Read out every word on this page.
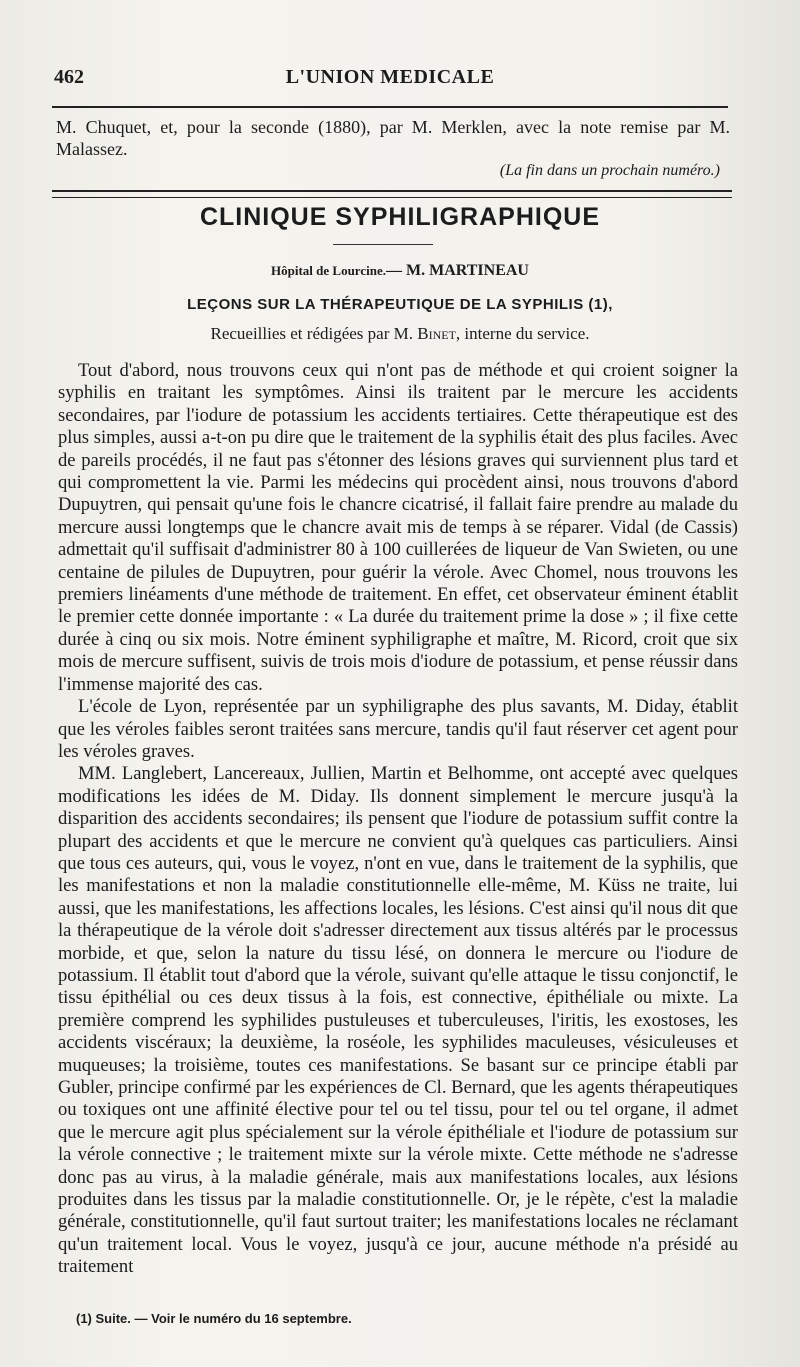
462	L'UNION MEDICALE

M. Chuquet, et, pour la seconde (1880), par M. Merklen, avec la note remise par M. Malassez.

(La fin dans un prochain numéro.)
CLINIQUE SYPHILIGRAPHIQUE
Hôpital de Lourcine.— M. MARTINEAU
LEÇONS SUR LA THÉRAPEUTIQUE DE LA SYPHILIS (1),
Recueillies et rédigées par M. Binet, interne du service.

Tout d'abord, nous trouvons ceux qui n'ont pas de méthode et qui croient soigner la syphilis en traitant les symptômes. Ainsi ils traitent par le mercure les accidents secondaires, par l'iodure de potassium les accidents tertiaires. Cette thérapeutique est des plus simples, aussi a-t-on pu dire que le traitement de la syphilis était des plus faciles. Avec de pareils procédés, il ne faut pas s'étonner des lésions graves qui surviennent plus tard et qui compromettent la vie. Parmi les médecins qui procèdent ainsi, nous trouvons d'abord Dupuytren, qui pensait qu'une fois le chancre cicatrisé, il fallait faire prendre au malade du mercure aussi longtemps que le chancre avait mis de temps à se réparer. Vidal (de Cassis) admettait qu'il suffisait d'administrer 80 à 100 cuillerées de liqueur de Van Swieten, ou une centaine de pilules de Dupuytren, pour guérir la vérole. Avec Chomel, nous trouvons les premiers linéaments d'une méthode de traitement. En effet, cet observateur éminent établit le premier cette donnée importante : « La durée du traitement prime la dose » ; il fixe cette durée à cinq ou six mois. Notre éminent syphiligraphe et maître, M. Ricord, croit que six mois de mercure suffisent, suivis de trois mois d'iodure de potassium, et pense réussir dans l'immense majorité des cas.

L'école de Lyon, représentée par un syphiligraphe des plus savants, M. Diday, établit que les véroles faibles seront traitées sans mercure, tandis qu'il faut réserver cet agent pour les véroles graves.

MM. Langlebert, Lancereaux, Jullien, Martin et Belhomme, ont accepté avec quelques modifications les idées de M. Diday. Ils donnent simplement le mercure jusqu'à la disparition des accidents secondaires; ils pensent que l'iodure de potassium suffit contre la plupart des accidents et que le mercure ne convient qu'à quelques cas particuliers. Ainsi que tous ces auteurs, qui, vous le voyez, n'ont en vue, dans le traitement de la syphilis, que les manifestations et non la maladie constitutionnelle elle-même, M. Küss ne traite, lui aussi, que les manifestations, les affections locales, les lésions. C'est ainsi qu'il nous dit que la thérapeutique de la vérole doit s'adresser directement aux tissus altérés par le processus morbide, et que, selon la nature du tissu lésé, on donnera le mercure ou l'iodure de potassium. Il établit tout d'abord que la vérole, suivant qu'elle attaque le tissu conjonctif, le tissu épithélial ou ces deux tissus à la fois, est connective, épithéliale ou mixte. La première comprend les syphilides pustuleuses et tuberculeuses, l'iritis, les exostoses, les accidents viscéraux; la deuxième, la roséole, les syphilides maculeuses, vésiculeuses et muqueuses; la troisième, toutes ces manifestations. Se basant sur ce principe établi par Gubler, principe confirmé par les expériences de Cl. Bernard, que les agents thérapeutiques ou toxiques ont une affinité élective pour tel ou tel tissu, pour tel ou tel organe, il admet que le mercure agit plus spécialement sur la vérole épithéliale et l'iodure de potassium sur la vérole connective ; le traitement mixte sur la vérole mixte. Cette méthode ne s'adresse donc pas au virus, à la maladie générale, mais aux manifestations locales, aux lésions produites dans les tissus par la maladie constitutionnelle. Or, je le répète, c'est la maladie générale, constitutionnelle, qu'il faut surtout traiter; les manifestations locales ne réclamant qu'un traitement local. Vous le voyez, jusqu'à ce jour, aucune méthode n'a présidé au traitement

(1) Suite. — Voir le numéro du 16 septembre.
